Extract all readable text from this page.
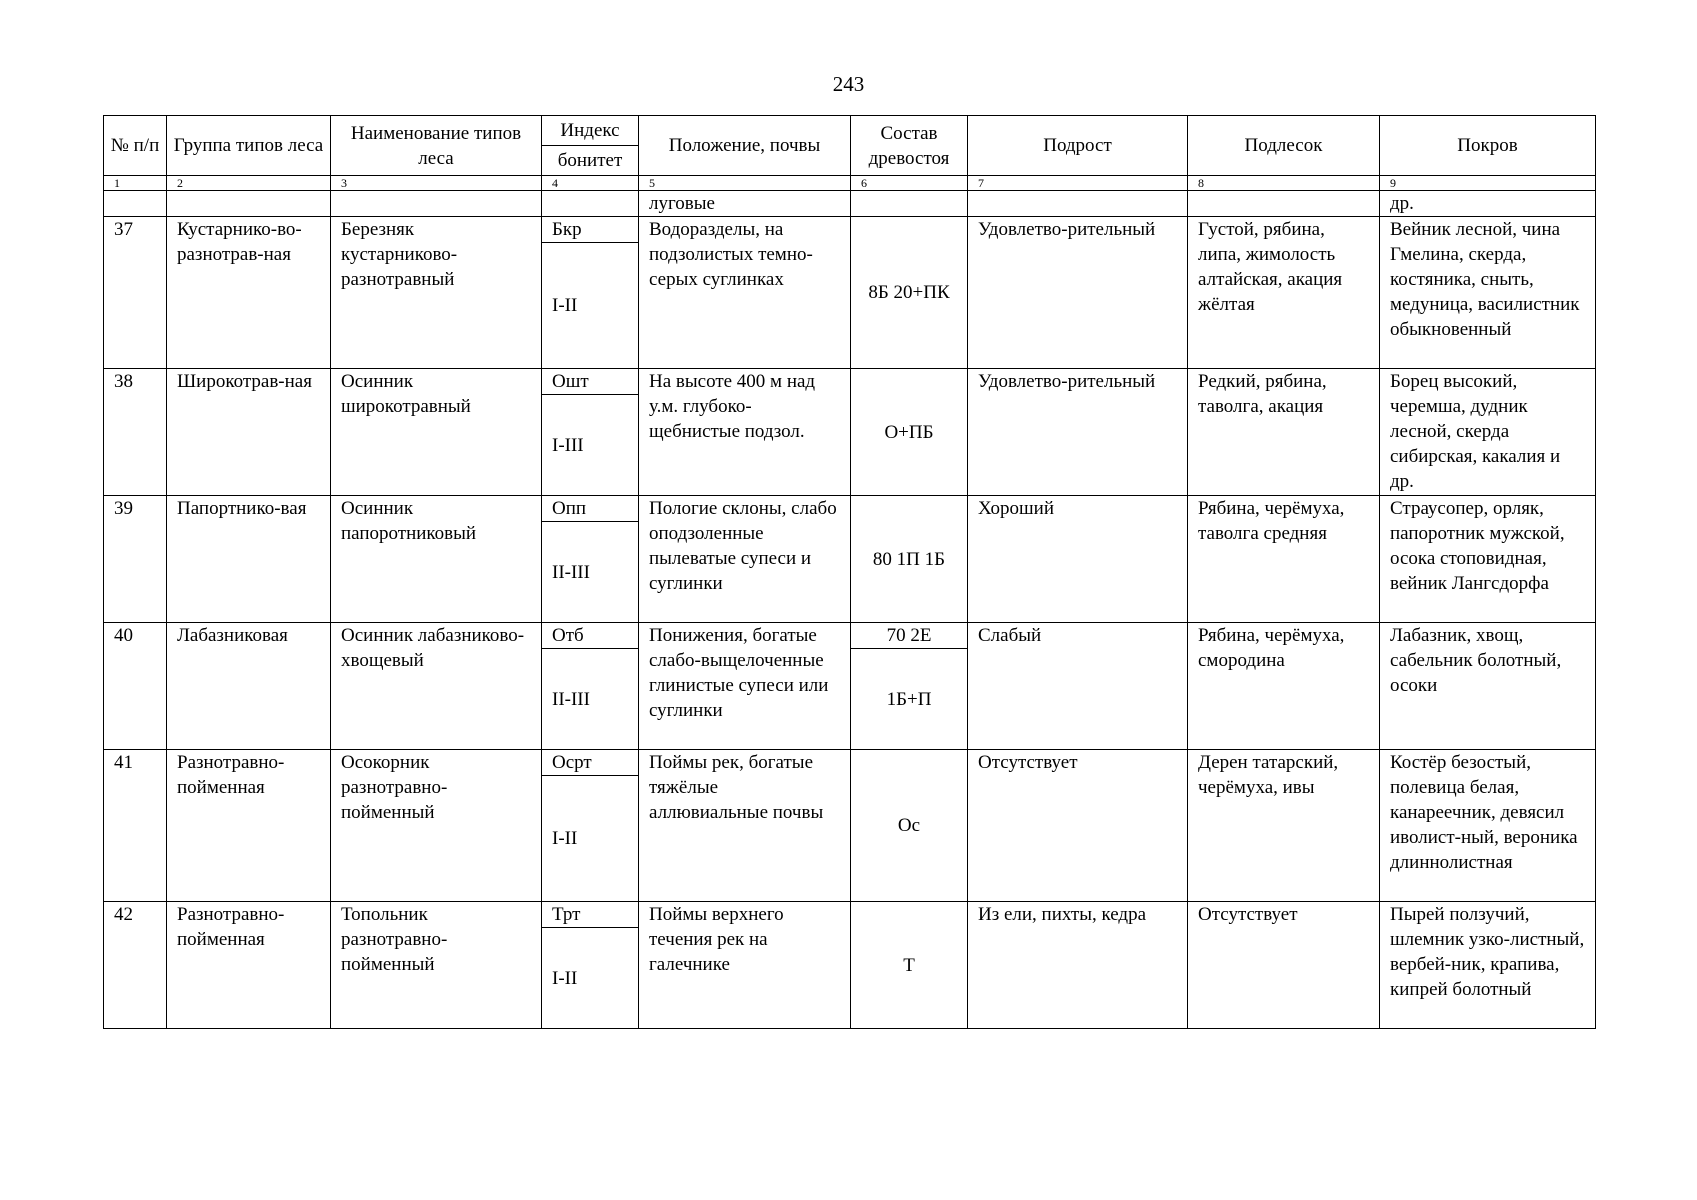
243
№ п/п	Группа типов леса	Наименование типов леса	Индекс	Положение, почвы	Состав древостоя	Подрост	Подлесок	Покров
			бонитет					
1	2	3	4	5	6	7	8	9
				луговые				др.
37	Кустарнико-во-разнотрав-ная	Березняк кустарниково-разнотравный	Бкр	Водоразделы, на подзолистых темно-серых суглинках	8Б 20+ПК	Удовлетво-рительный	Густой, рябина, липа, жимолость алтайская, акация жёлтая	Вейник лесной, чина Гмелина, скерда, костяника, сныть, медуница, василистник обыкновенный
			I-II					
38	Широкотрав-ная	Осинник широкотравный	Ошт	На высоте 400 м над у.м. глубоко-щебнистые подзол.	О+ПБ	Удовлетво-рительный	Редкий, рябина, таволга, акация	Борец высокий, черемша, дудник лесной, скерда сибирская, какалия и др.
			I-III					
39	Папортнико-вая	Осинник папоротниковый	Опп	Пологие склоны, слабо оподзоленные пылеватые супеси и суглинки	80 1П 1Б	Хороший	Рябина, черёмуха, таволга средняя	Страусопер, орляк, папоротник мужской, осока стоповидная, вейник Лангсдорфа
			II-III					
40	Лабазниковая	Осинник лабазниково-хвощевый	Отб	Понижения, богатые слабо-выщелоченные глинистые супеси или суглинки	70 2Е	Слабый	Рябина, черёмуха, смородина	Лабазник, хвощ, сабельник болотный, осоки
			II-III		1Б+П			
41	Разнотравно-пойменная	Осокорник разнотравно-пойменный	Осрт	Поймы рек, богатые тяжёлые аллювиальные почвы	Ос	Отсутствует	Дерен татарский, черёмуха, ивы	Костёр безостый, полевица белая, канареечник, девясил иволист-ный, вероника длиннолистная
			I-II					
42	Разнотравно-пойменная	Топольник разнотравно-пойменный	Трт	Поймы верхнего течения рек на галечнике	Т	Из ели, пихты, кедра	Отсутствует	Пырей ползучий, шлемник узко-листный, вербей-ник, крапива, кипрей болотный
			I-II					
